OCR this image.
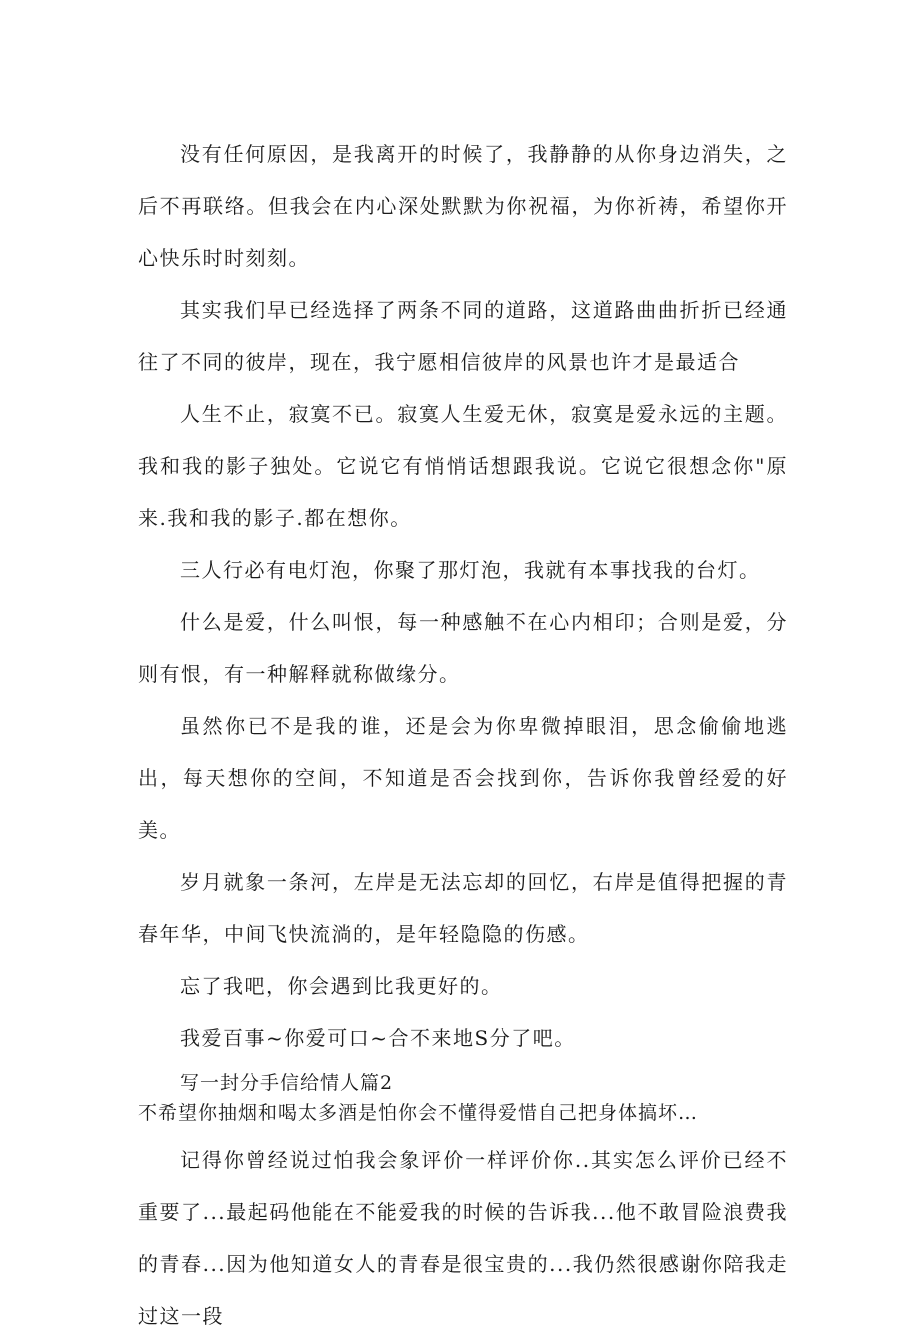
没有任何原因，是我离开的时候了，我静静的从你身边消失，之后不再联络。但我会在内心深处默默为你祝福，为你祈祷，希望你开心快乐时时刻刻。

其实我们早已经选择了两条不同的道路，这道路曲曲折折已经通往了不同的彼岸，现在，我宁愿相信彼岸的风景也许才是最适合

人生不止，寂寞不已。寂寞人生爱无休，寂寞是爱永远的主题。我和我的影子独处。它说它有悄悄话想跟我说。它说它很想念你"原来.我和我的影子.都在想你。

三人行必有电灯泡，你聚了那灯泡，我就有本事找我的台灯。

什么是爱，什么叫恨，每一种感触不在心内相印；合则是爱，分则有恨，有一种解释就称做缘分。

虽然你已不是我的谁，还是会为你卑微掉眼泪，思念偷偷地逃出，每天想你的空间，不知道是否会找到你，告诉你我曾经爱的好美。

岁月就象一条河，左岸是无法忘却的回忆，右岸是值得把握的青春年华，中间飞快流淌的，是年轻隐隐的伤感。

忘了我吧，你会遇到比我更好的。

我爱百事~你爱可口~合不来地S分了吧。

写一封分手信给情人篇2

不希望你抽烟和喝太多酒是怕你会不懂得爱惜自己把身体搞坏…

记得你曾经说过怕我会象评价一样评价你..其实怎么评价已经不重要了...最起码他能在不能爱我的时候的告诉我...他不敢冒险浪费我的青春...因为他知道女人的青春是很宝贵的...我仍然很感谢你陪我走过这一段
